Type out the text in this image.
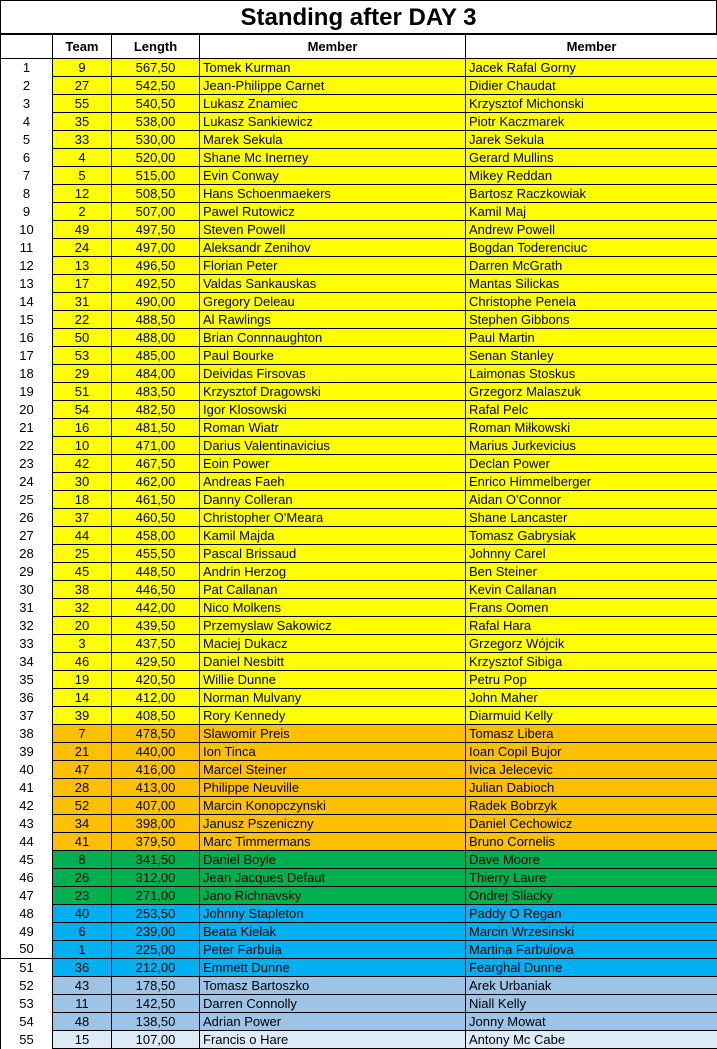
Standing after DAY 3
	Team	Length	Member	Member
1	9	567,50	Tomek Kurman	Jacek Rafal Gorny
2	27	542,50	Jean-Philippe Carnet	Didier Chaudat
3	55	540,50	Lukasz Znamiec	Krzysztof Michonski
4	35	538,00	Lukasz Sankiewicz	Piotr Kaczmarek
5	33	530,00	Marek Sekula	Jarek Sekula
6	4	520,00	Shane Mc Inerney	Gerard Mullins
7	5	515,00	Evin Conway	Mikey Reddan
8	12	508,50	Hans Schoenmaekers	Bartosz Raczkowiak
9	2	507,00	Pawel Rutowicz	Kamil Maj
10	49	497,50	Steven Powell	Andrew Powell
11	24	497,00	Aleksandr Zenihov	Bogdan Toderenciuc
12	13	496,50	Florian Peter	Darren McGrath
13	17	492,50	Valdas Sankauskas	Mantas Silickas
14	31	490,00	Gregory Deleau	Christophe Penela
15	22	488,50	Al Rawlings	Stephen Gibbons
16	50	488,00	Brian Connnaughton	Paul Martin
17	53	485,00	Paul Bourke	Senan Stanley
18	29	484,00	Deividas Firsovas	Laimonas Stoskus
19	51	483,50	Krzysztof Dragowski	Grzegorz Malaszuk
20	54	482,50	Igor Klosowski	Rafal Pelc
21	16	481,50	Roman Wiatr	Roman Miłkowski
22	10	471,00	Darius Valentinavicius	Marius Jurkevicius
23	42	467,50	Eoin Power	Declan Power
24	30	462,00	Andreas Faeh	Enrico Himmelberger
25	18	461,50	Danny Colleran	Aidan O'Connor
26	37	460,50	Christopher O'Meara	Shane Lancaster
27	44	458,00	Kamil Majda	Tomasz Gabrysiak
28	25	455,50	Pascal Brissaud	Johnny Carel
29	45	448,50	Andrin Herzog	Ben Steiner
30	38	446,50	Pat Callanan	Kevin Callanan
31	32	442,00	Nico Molkens	Frans Oomen
32	20	439,50	Przemyslaw Sakowicz	Rafal Hara
33	3	437,50	Maciej Dukacz	Grzegorz Wójcik
34	46	429,50	Daniel Nesbitt	Krzysztof Sibiga
35	19	420,50	Willie Dunne	Petru Pop
36	14	412,00	Norman Mulvany	John Maher
37	39	408,50	Rory Kennedy	Diarmuid Kelly
38	7	478,50	Slawomir Preis	Tomasz Libera
39	21	440,00	Ion Tinca	Ioan Copil Bujor
40	47	416,00	Marcel Steiner	Ivica Jelecevic
41	28	413,00	Philippe Neuville	Julian Dabioch
42	52	407,00	Marcin Konopczynski	Radek Bobrzyk
43	34	398,00	Janusz Pszeniczny	Daniel Cechowicz
44	41	379,50	Marc Timmermans	Bruno Cornelis
45	8	341,50	Daniel Boyle	Dave Moore
46	26	312,00	Jean Jacques Defaut	Thierry Laure
47	23	271,00	Jano Richnavsky	Ondrej Sliacky
48	40	253,50	Johnny Stapleton	Paddy O Regan
49	6	239,00	Beata Kielak	Marcin Wrzesinski
50	1	225,00	Peter Farbula	Martina Farbulova
51	36	212,00	Emmett Dunne	Fearghal Dunne
52	43	178,50	Tomasz Bartoszko	Arek Urbaniak
53	11	142,50	Darren Connolly	Niall Kelly
54	48	138,50	Adrian Power	Jonny Mowat
55	15	107,00	Francis o Hare	Antony Mc Cabe
